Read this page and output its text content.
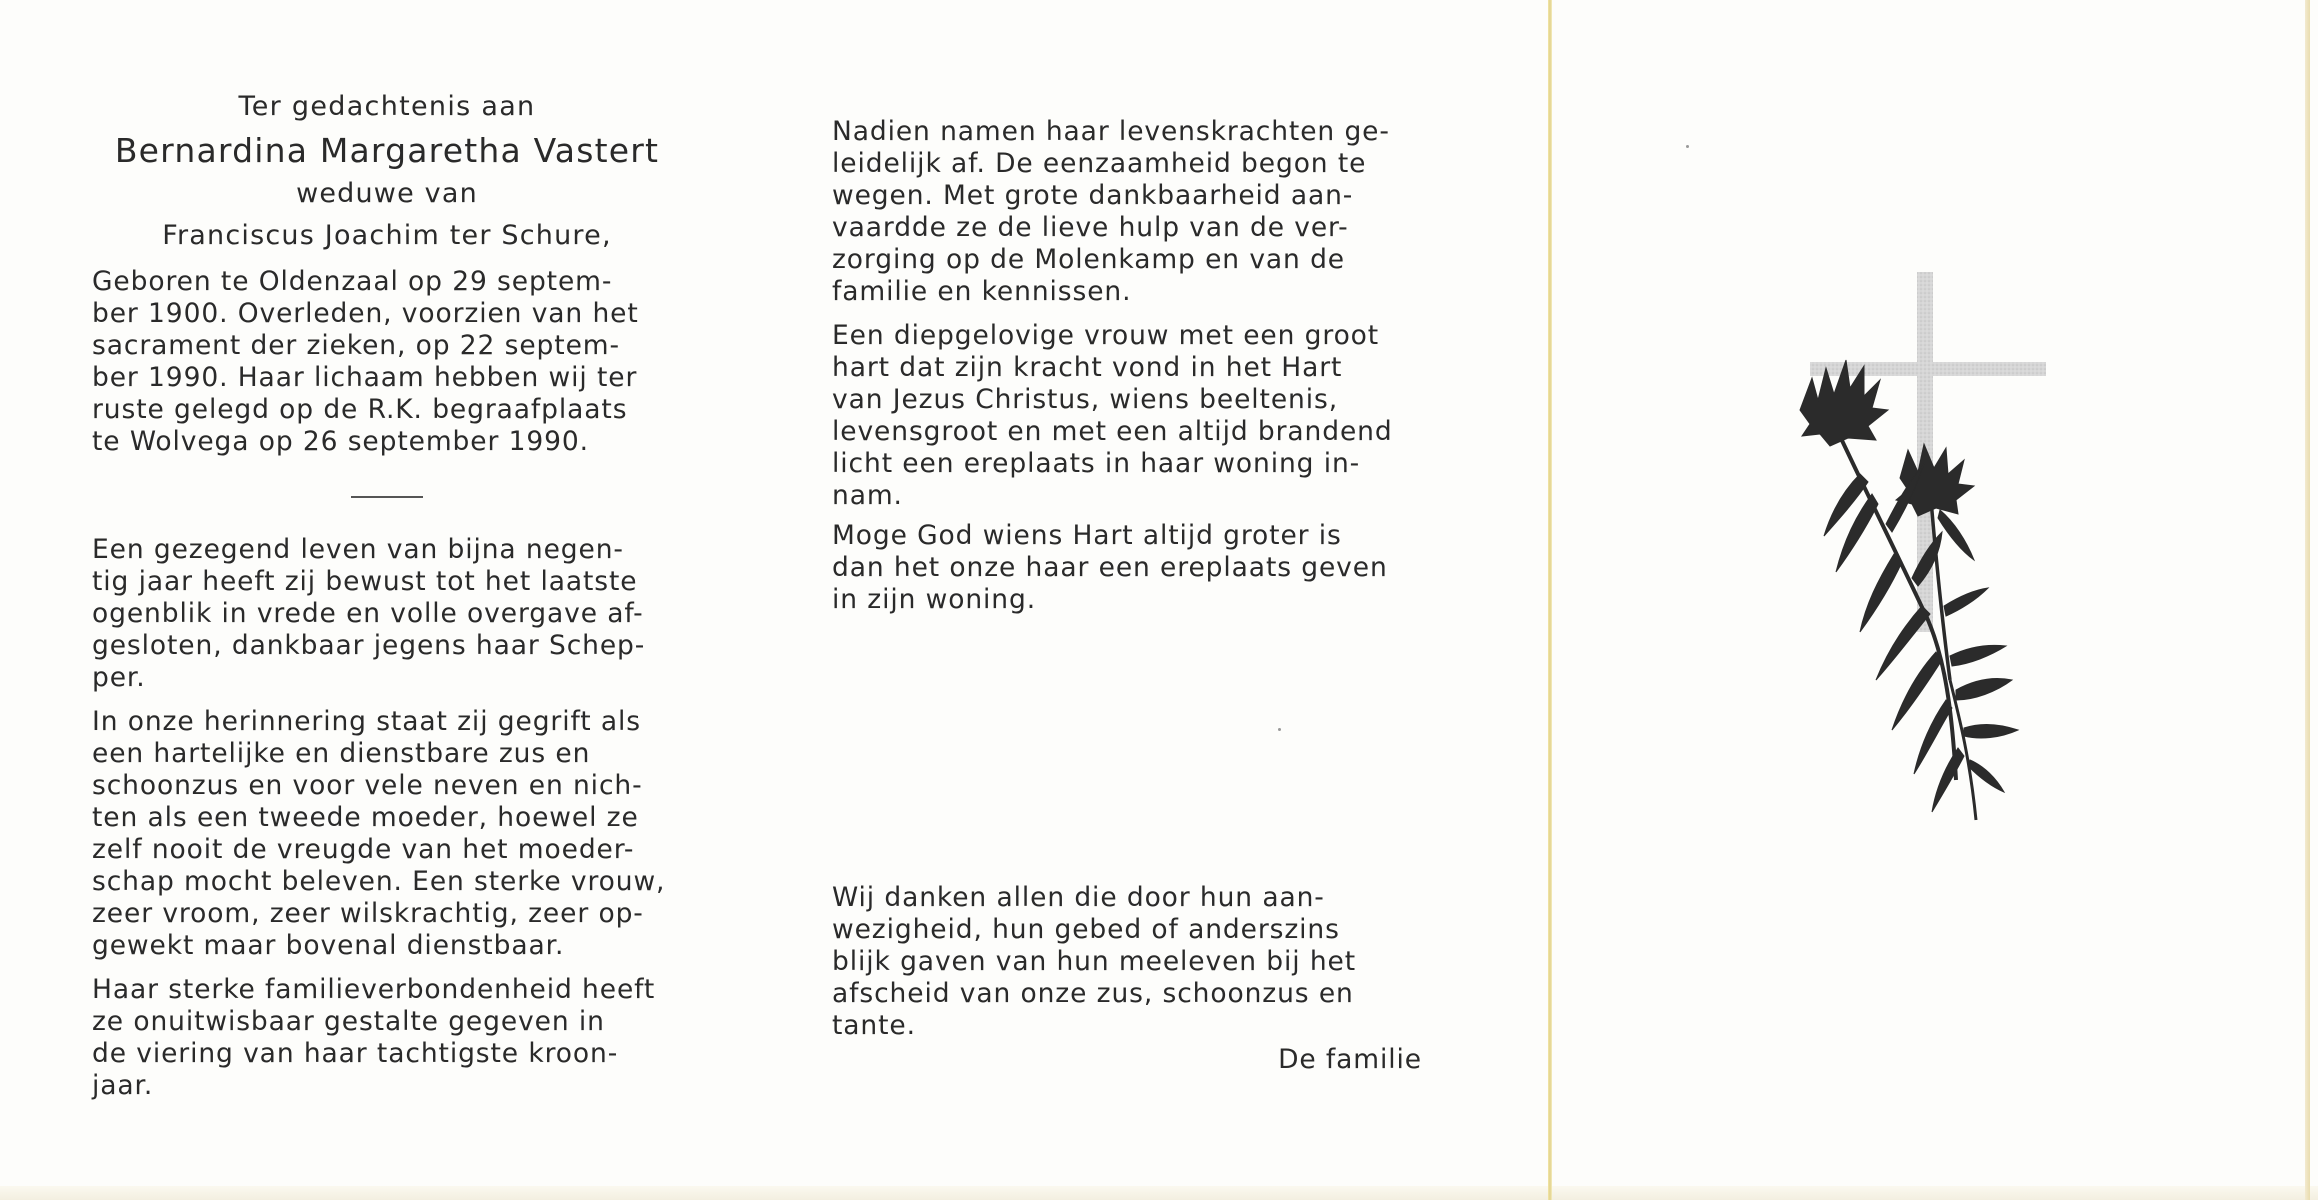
Ter gedachtenis aan
Bernardina Margaretha Vastert
weduwe van
Franciscus Joachim ter Schure,
Geboren te Oldenzaal op 29 septem-
ber 1900. Overleden, voorzien van het
sacrament der zieken, op 22 septem-
ber 1990. Haar lichaam hebben wij ter
ruste gelegd op de R.K. begraafplaats
te Wolvega op 26 september 1990.
Een gezegend leven van bijna negen-
tig jaar heeft zij bewust tot het laatste
ogenblik in vrede en volle overgave af-
gesloten, dankbaar jegens haar Schep-
per.
In onze herinnering staat zij gegrift als
een hartelijke en dienstbare zus en
schoonzus en voor vele neven en nich-
ten als een tweede moeder, hoewel ze
zelf nooit de vreugde van het moeder-
schap mocht beleven. Een sterke vrouw,
zeer vroom, zeer wilskrachtig, zeer op-
gewekt maar bovenal dienstbaar.
Haar sterke familieverbondenheid heeft
ze onuitwisbaar gestalte gegeven in
de viering van haar tachtigste kroon-
jaar.
Nadien namen haar levenskrachten ge-
leidelijk af. De eenzaamheid begon te
wegen. Met grote dankbaarheid aan-
vaardde ze de lieve hulp van de ver-
zorging op de Molenkamp en van de
familie en kennissen.
Een diepgelovige vrouw met een groot
hart dat zijn kracht vond in het Hart
van Jezus Christus, wiens beeltenis,
levensgroot en met een altijd brandend
licht een ereplaats in haar woning in-
nam.
Moge God wiens Hart altijd groter is
dan het onze haar een ereplaats geven
in zijn woning.
Wij danken allen die door hun aan-
wezigheid, hun gebed of anderszins
blijk gaven van hun meeleven bij het
afscheid van onze zus, schoonzus en
tante.
De familie
